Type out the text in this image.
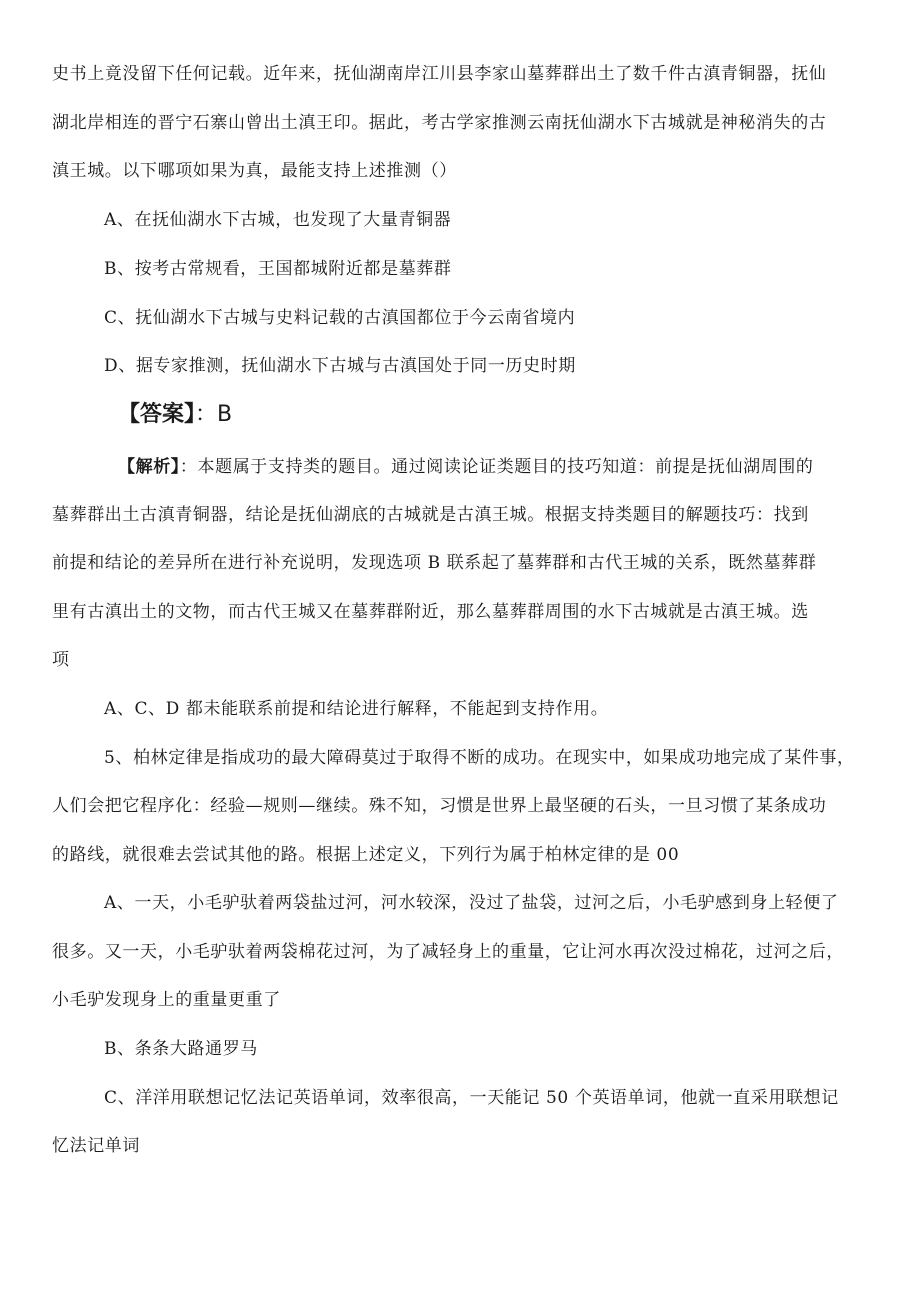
史书上竟没留下任何记载。近年来，抚仙湖南岸江川县李家山墓葬群出土了数千件古滇青铜器，抚仙
湖北岸相连的晋宁石寨山曾出土滇王印。据此，考古学家推测云南抚仙湖水下古城就是神秘消失的古
滇王城。以下哪项如果为真，最能支持上述推测（）
A、在抚仙湖水下古城，也发现了大量青铜器
B、按考古常规看，王国都城附近都是墓葬群
C、抚仙湖水下古城与史料记载的古滇国都位于今云南省境内
D、据专家推测，抚仙湖水下古城与古滇国处于同一历史时期
【答案】：B
【解析】：本题属于支持类的题目。通过阅读论证类题目的技巧知道：前提是抚仙湖周围的
墓葬群出土古滇青铜器，结论是抚仙湖底的古城就是古滇王城。根据支持类题目的解题技巧：找到
前提和结论的差异所在进行补充说明，发现选项 B 联系起了墓葬群和古代王城的关系，既然墓葬群
里有古滇出土的文物，而古代王城又在墓葬群附近，那么墓葬群周围的水下古城就是古滇王城。选
项
A、C、D 都未能联系前提和结论进行解释，不能起到支持作用。
5、柏林定律是指成功的最大障碍莫过于取得不断的成功。在现实中，如果成功地完成了某件事，
人们会把它程序化：经验—规则—继续。殊不知，习惯是世界上最坚硬的石头，一旦习惯了某条成功
的路线，就很难去尝试其他的路。根据上述定义，下列行为属于柏林定律的是 00
A、一天，小毛驴驮着两袋盐过河，河水较深，没过了盐袋，过河之后，小毛驴感到身上轻便了
很多。又一天，小毛驴驮着两袋棉花过河，为了减轻身上的重量，它让河水再次没过棉花，过河之后，
小毛驴发现身上的重量更重了
B、条条大路通罗马
C、洋洋用联想记忆法记英语单词，效率很高，一天能记 50 个英语单词，他就一直采用联想记
忆法记单词
